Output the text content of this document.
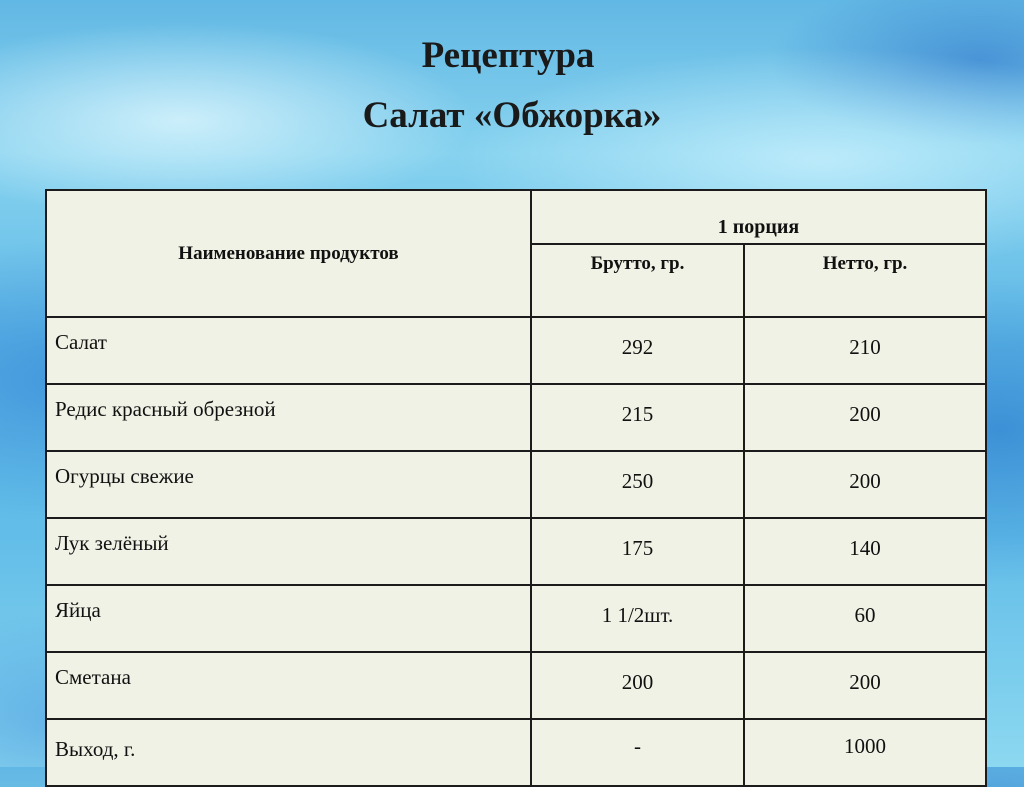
Рецептура
Салат «Обжорка»
Наименование продуктов	1 порция	
	Брутто, гр.	Нетто, гр.
Салат	292	210
Редис красный обрезной	215	200
Огурцы свежие	250	200
Лук зелёный	175	140
Яйца	1 1/2шт.	60
Сметана	200	200
Выход, г.	-	1000
